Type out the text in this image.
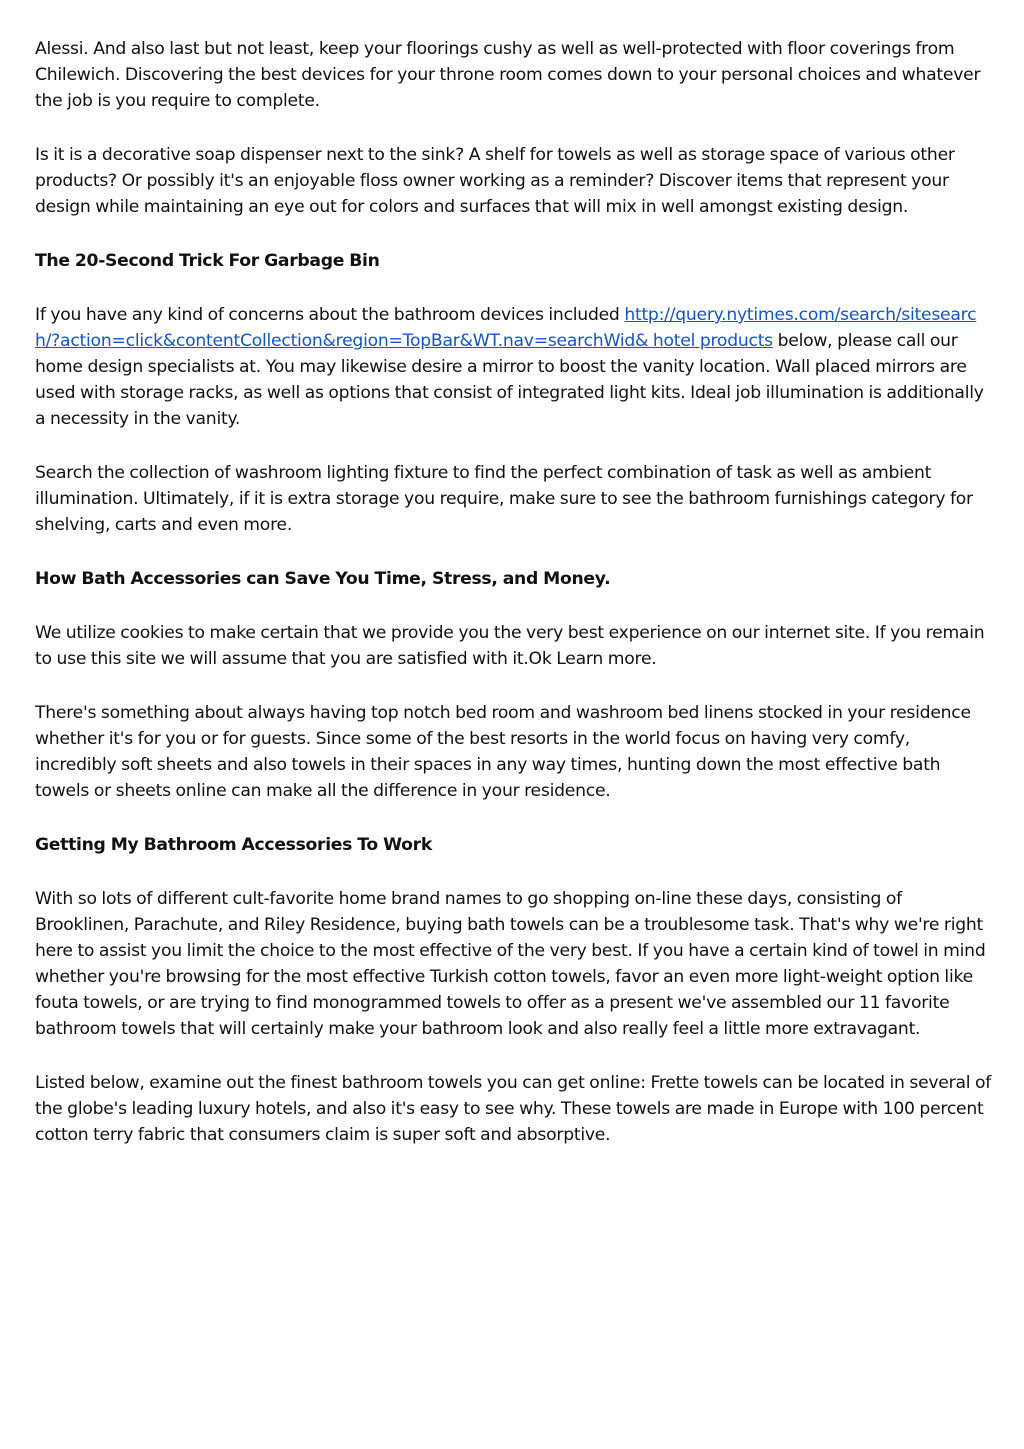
Alessi. And also last but not least, keep your floorings cushy as well as well-protected with floor coverings from Chilewich. Discovering the best devices for your throne room comes down to your personal choices and whatever the job is you require to complete.

Is it is a decorative soap dispenser next to the sink? A shelf for towels as well as storage space of various other products? Or possibly it's an enjoyable floss owner working as a reminder? Discover items that represent your design while maintaining an eye out for colors and surfaces that will mix in well amongst existing design.

The 20-Second Trick For Garbage Bin

If you have any kind of concerns about the bathroom devices included http://query.nytimes.com/search/sitesearch/?action=click&contentCollection&region=TopBar&WT.nav=searchWid& hotel products below, please call our home design specialists at. You may likewise desire a mirror to boost the vanity location. Wall placed mirrors are used with storage racks, as well as options that consist of integrated light kits. Ideal job illumination is additionally a necessity in the vanity.

Search the collection of washroom lighting fixture to find the perfect combination of task as well as ambient illumination. Ultimately, if it is extra storage you require, make sure to see the bathroom furnishings category for shelving, carts and even more.

How Bath Accessories can Save You Time, Stress, and Money.

We utilize cookies to make certain that we provide you the very best experience on our internet site. If you remain to use this site we will assume that you are satisfied with it.Ok Learn more.

There's something about always having top notch bed room and washroom bed linens stocked in your residence whether it's for you or for guests. Since some of the best resorts in the world focus on having very comfy, incredibly soft sheets and also towels in their spaces in any way times, hunting down the most effective bath towels or sheets online can make all the difference in your residence.

Getting My Bathroom Accessories To Work

With so lots of different cult-favorite home brand names to go shopping on-line these days, consisting of Brooklinen, Parachute, and Riley Residence, buying bath towels can be a troublesome task. That's why we're right here to assist you limit the choice to the most effective of the very best. If you have a certain kind of towel in mind whether you're browsing for the most effective Turkish cotton towels, favor an even more light-weight option like fouta towels, or are trying to find monogrammed towels to offer as a present we've assembled our 11 favorite bathroom towels that will certainly make your bathroom look and also really feel a little more extravagant.

Listed below, examine out the finest bathroom towels you can get online: Frette towels can be located in several of the globe's leading luxury hotels, and also it's easy to see why. These towels are made in Europe with 100 percent cotton terry fabric that consumers claim is super soft and absorptive.
